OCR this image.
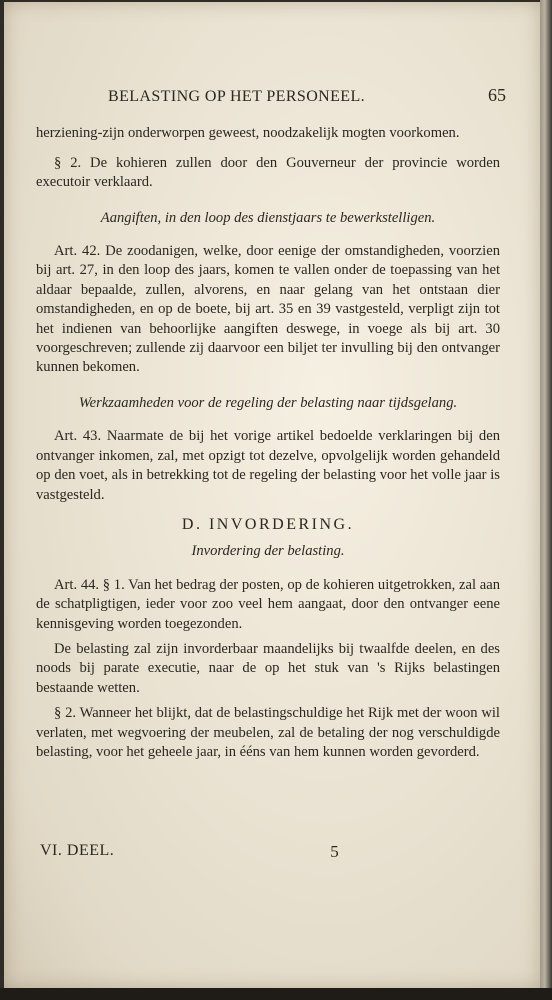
BELASTING OP HET PERSONEEL.	65

herziening-zijn onderworpen geweest, noodzakelijk mogten voorkomen.

§ 2. De kohieren zullen door den Gouverneur der provincie worden executoir verklaard.

Aangiften, in den loop des dienstjaars te bewerkstelligen.

Art. 42. De zoodanigen, welke, door eenige der omstandigheden, voorzien bij art. 27, in den loop des jaars, komen te vallen onder de toepassing van het aldaar bepaalde, zullen, alvorens, en naar gelang van het ontstaan dier omstandigheden, en op de boete, bij art. 35 en 39 vastgesteld, verpligt zijn tot het indienen van behoorlijke aangiften deswege, in voege als bij art. 30 voorgeschreven; zullende zij daarvoor een biljet ter invulling bij den ontvanger kunnen bekomen.

Werkzaamheden voor de regeling der belasting naar tijdsgelang.

Art. 43. Naarmate de bij het vorige artikel bedoelde verklaringen bij den ontvanger inkomen, zal, met opzigt tot dezelve, opvolgelijk worden gehandeld op den voet, als in betrekking tot de regeling der belasting voor het volle jaar is vastgesteld.

D. INVORDERING.

Invordering der belasting.

Art. 44. § 1. Van het bedrag der posten, op de kohieren uitgetrokken, zal aan de schatpligtigen, ieder voor zoo veel hem aangaat, door den ontvanger eene kennisgeving worden toegezonden.

De belasting zal zijn invorderbaar maandelijks bij twaalfde deelen, en des noods bij parate executie, naar de op het stuk van 's Rijks belastingen bestaande wetten.

§ 2. Wanneer het blijkt, dat de belastingschuldige het Rijk met der woon wil verlaten, met wegvoering der meubelen, zal de betaling der nog verschuldigde belasting, voor het geheele jaar, in ééns van hem kunnen worden gevorderd.

VI. DEEL.	5
